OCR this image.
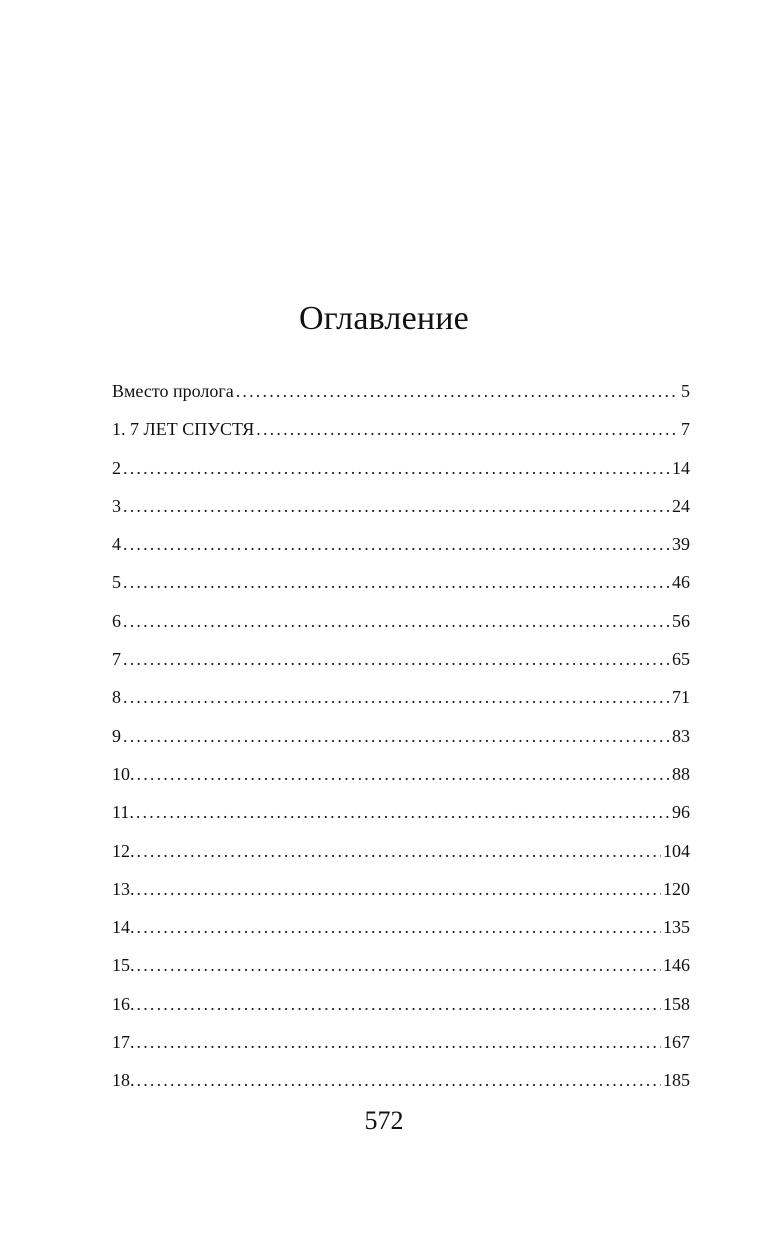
Оглавление
Вместо пролога .....	5
1. 7 ЛЕТ СПУСТЯ .....	7
2 .....	14
3 .....	24
4 .....	39
5 .....	46
6 .....	56
7 .....	65
8 .....	71
9 .....	83
10. .....	88
11. .....	96
12. .....	104
13. .....	120
14. .....	135
15. .....	146
16. .....	158
17. .....	167
18. .....	185

572
